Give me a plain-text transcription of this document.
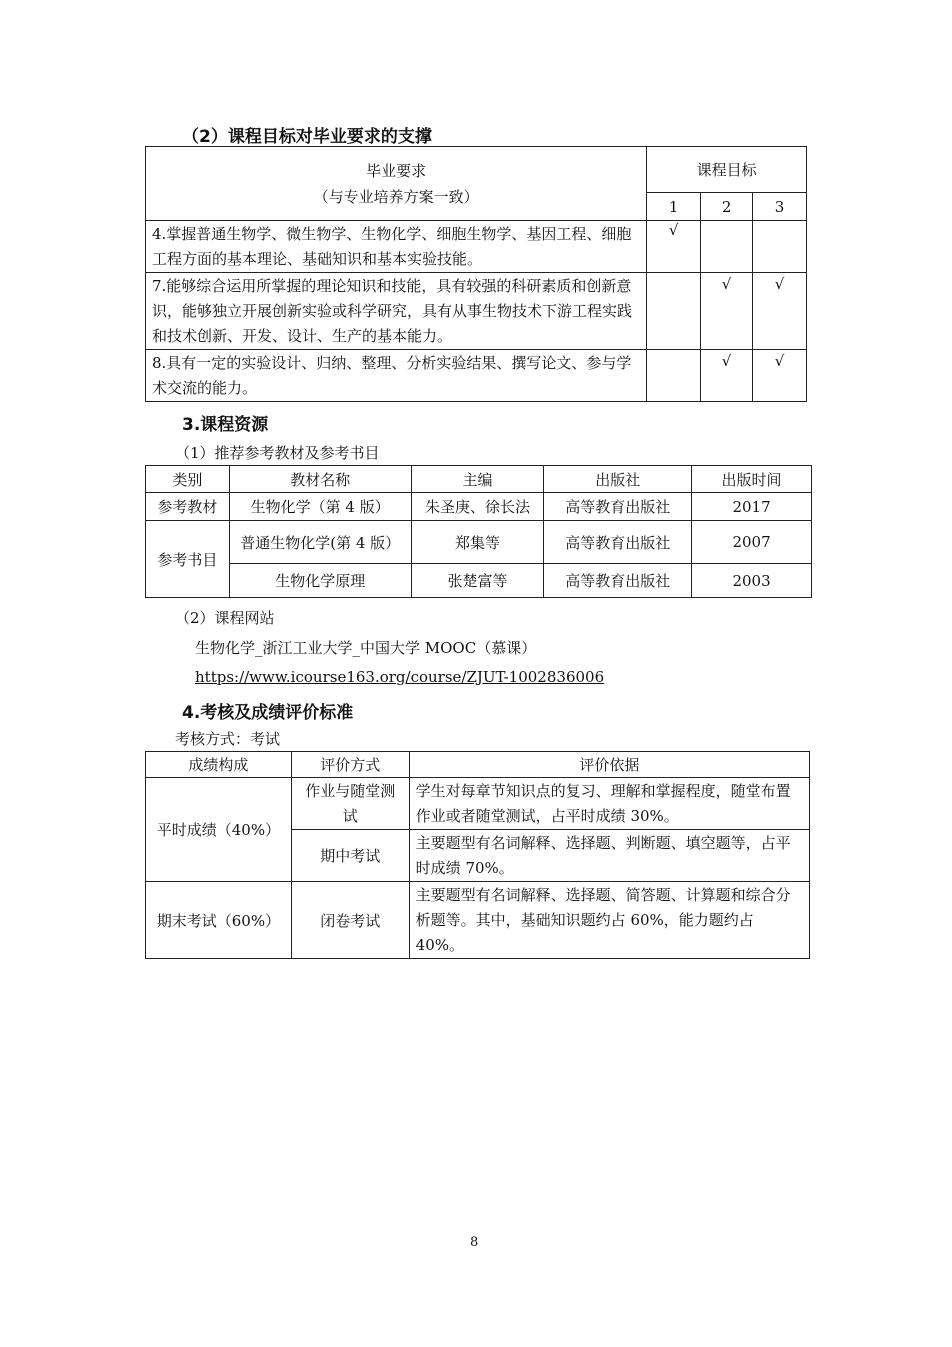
（2）课程目标对毕业要求的支撑
毕业要求
（与专业培养方案一致）	课程目标		
	1	2	3
4.掌握普通生物学、微生物学、生物化学、细胞生物学、基因工程、细胞工程方面的基本理论、基础知识和基本实验技能。	√		
7.能够综合运用所掌握的理论知识和技能，具有较强的科研素质和创新意识，能够独立开展创新实验或科学研究，具有从事生物技术下游工程实践和技术创新、开发、设计、生产的基本能力。		√	√
8.具有一定的实验设计、归纳、整理、分析实验结果、撰写论文、参与学术交流的能力。		√	√
3.课程资源
（1）推荐参考教材及参考书目
类别	教材名称	主编	出版社	出版时间
参考教材	生物化学（第 4 版）	朱圣庚、徐长法	高等教育出版社	2017
参考书目	普通生物化学(第 4 版）	郑集等	高等教育出版社	2007
	生物化学原理	张楚富等	高等教育出版社	2003
（2）课程网站
生物化学_浙江工业大学_中国大学 MOOC（慕课）
https://www.icourse163.org/course/ZJUT-1002836006
4.考核及成绩评价标准
考核方式：考试
成绩构成	评价方式	评价依据
平时成绩（40%）	作业与随堂测试	学生对每章节知识点的复习、理解和掌握程度，随堂布置作业或者随堂测试，占平时成绩 30%。
	期中考试	主要题型有名词解释、选择题、判断题、填空题等，占平时成绩 70%。
期末考试（60%）	闭卷考试	主要题型有名词解释、选择题、简答题、计算题和综合分析题等。其中，基础知识题约占 60%，能力题约占 40%。
8
